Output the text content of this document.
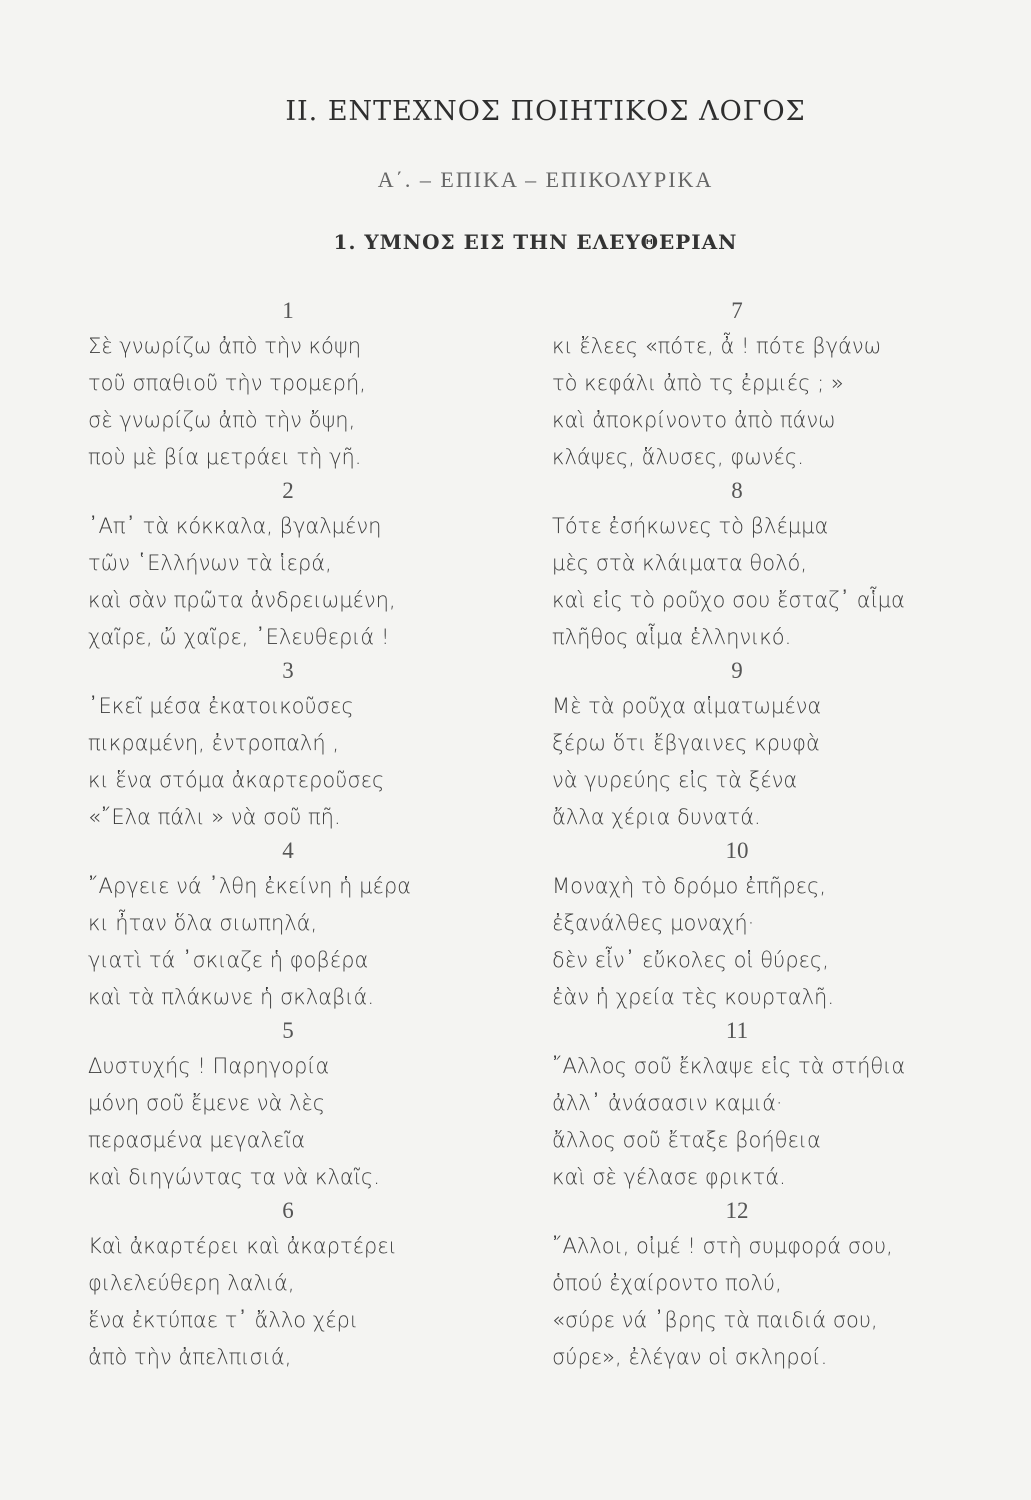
II. ΕΝΤΕΧΝΟΣ ΠΟΙΗΤΙΚΟΣ ΛΟΓΟΣ
Α΄. – ΕΠΙΚΑ – ΕΠΙΚΟΛΥΡΙΚΑ
1. ΥΜΝΟΣ ΕΙΣ ΤΗΝ ΕΛΕΥΘΕΡΙΑΝ
1
Σὲ γνωρίζω ἀπὸ τὴν κόψη
τοῦ σπαθιοῦ τὴν τρομερή,
σὲ γνωρίζω ἀπὸ τὴν ὄψη,
ποὺ μὲ βία μετράει τὴ γῆ.
2
᾿Απ᾿ τὰ κόκκαλα, βγαλμένη
τῶν ῾Ελλήνων τὰ ἱερά,
καὶ σὰν πρῶτα ἀνδρειωμένη,
χαῖρε, ὤ χαῖρε, ᾿Ελευθεριά !
3
᾿Εκεῖ μέσα ἐκατοικοῦσες
πικραμένη, ἐντροπαλή ,
κι ἕνα στόμα ἀκαρτεροῦσες
«῎Ελα πάλι » νὰ σοῦ πῆ.
4
῎Αργειε νά ᾿λθη ἐκείνη ἡ μέρα
κι ἦταν ὅλα σιωπηλά,
γιατὶ τά ᾿σκιαζε ἡ φοβέρα
καὶ τὰ πλάκωνε ἡ σκλαβιά.
5
Δυστυχής ! Παρηγορία
μόνη σοῦ ἔμενε νὰ λὲς
περασμένα μεγαλεῖα
καὶ διηγώντας τα νὰ κλαῖς.
6
Καὶ ἀκαρτέρει καὶ ἀκαρτέρει
φιλελεύθερη λαλιά,
ἕνα ἐκτύπαε τ᾿ ἄλλο χέρι
ἀπὸ τὴν ἀπελπισιά,
7
κι ἔλεες «πότε, ἆ ! πότε βγάνω
τὸ κεφάλι ἀπὸ τς ἐρμιές ; »
καὶ ἀποκρίνοντο ἀπὸ πάνω
κλάψες, ἅλυσες, φωνές.
8
Τότε ἐσήκωνες τὸ βλέμμα
μὲς στὰ κλάιματα θολό,
καὶ εἰς τὸ ροῦχο σου ἔσταζ᾿ αἷμα
πλῆθος αἷμα ἑλληνικό.
9
Μὲ τὰ ροῦχα αἱματωμένα
ξέρω ὅτι ἔβγαινες κρυφὰ
νὰ γυρεύης εἰς τὰ ξένα
ἄλλα χέρια δυνατά.
10
Μοναχὴ τὸ δρόμο ἐπῆρες,
ἐξανάλθες μοναχή·
δὲν εἶν᾿ εὔκολες οἱ θύρες,
ἐὰν ἡ χρεία τὲς κουρταλῆ.
11
῎Αλλος σοῦ ἔκλαψε εἰς τὰ στήθια
ἀλλ᾿ ἀνάσασιν καμιά·
ἄλλος σοῦ ἔταξε βοήθεια
καὶ σὲ γέλασε φρικτά.
12
῎Αλλοι, οἰμέ ! στὴ συμφορά σου,
ὁπού ἐχαίροντο πολύ,
«σύρε νά ᾿βρης τὰ παιδιά σου,
σύρε», ἐλέγαν οἱ σκληροί.
